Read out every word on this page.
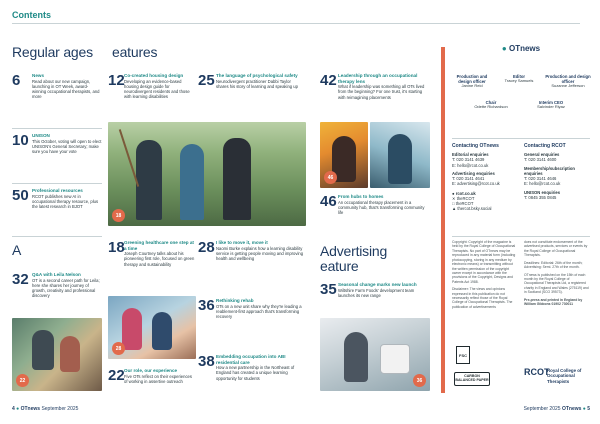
Contents
Regular ages eatures
6	News
Read about our new campaign, launching in OT Week, award-winning occupational therapists, and more
10 UNISON
This October, voting will open to elect UNISON's General Secretary; make sure you have your vote
50 Professional resources
RCOT publishes new AI in occupational therapy resource, plus the latest research in BJOT
A
32 Q&A with Leila Nelson
OT is a second career path for Leila; here she shares her journey of growth, creativity and professional discovery
22
12 Co-created housing design
Developing an evidence-based housing design guide for neurodivergent residents and those with learning disabilities
25 The language of psychological safety
Neurodivergent practitioner Dabbi Taylor shares his story of learning and speaking up	42 Leadership through an occupational therapy lens
What if leadership was something all OTs lived from the beginning? For one trust, it's starting with reimagining placements
18
46
46 From hubs to homes
An occupational therapy placement in a community hub, that's transforming community life
18 Greening healthcare one step at a time
Joseph Courtney talks about his pioneering first role, focused on green therapy and sustainability
28 I like to move it, move it
Naomi Burke explains how a learning disability service is getting people moving and improving health and wellbeing
28
36 Rethinking rehab
OTs on a new unit share why they're leading a reablement-first approach that's transforming recovery
22 Our role, our experience
Five OTs reflect on their experiences of working in assertive outreach
38 Embedding occupation into ABI residential care
How a new partnership in the Northeast of England has created a unique learning opportunity for students
Advertising
eature
35 Seasonal change marks new launch
Wiltshire Farm Foods' development team launches its new range
36
● OTnews
Production and design officer
Janine Reid
Editor
Tracey Samuels
Production and design officer
Suzanne Jefferson
Chair
Odette Richardson
Interim CEO
Salvinder Riyaz
Contacting OTnews
Editorial enquiries
T: 020 3141 4639
E: hello@rcot.co.uk
Advertising enquiries
T: 020 3141 4641
E: advertising@rcot.co.uk
● rcot.co.uk
✕ theRCOT
□ theRCOT
▲ thercot.bsky.social
Contacting RCOT
General enquiries
T: 020 3141 4600
Membership/subscription enquiries
T: 020 3141 4646
E: hello@rcot.co.uk
UNISON enquiries
T: 0845 355 0845
Copyright: Copyright of the magazine is held by the Royal College of Occupational Therapists. No part of OTnews may be reproduced in any material form (including photocopying, storing in any medium by electronic means) or transmitting without the written permission of the copyright owner except in accordance with the provisions of the Copyright, Designs and Patents Act 1988.
Disclaimer: The views and opinions expressed in this publication do not necessarily reflect those of the Royal College of Occupational Therapists. The publication of advertisements
does not constitute endorsement of the advertised products, services or events by the Royal College of Occupational Therapists.
Deadlines: Editorial: 26th of the month; Advertising: Semi. 27th of the month.
OTnews is published on the 15th of each month by the Royal College of Occupational Therapists Ltd, a registered charity in England and Wales (275119) and in Scotland (SCO 39573).
Pre-press and printed in England by William Gibbons 01902 730011
FSC
CARBON BALANCED PAPER
RCOT
Royal College of Occupational Therapists
4 ● OTnews September 2025	September 2025 OTnews ● 5
